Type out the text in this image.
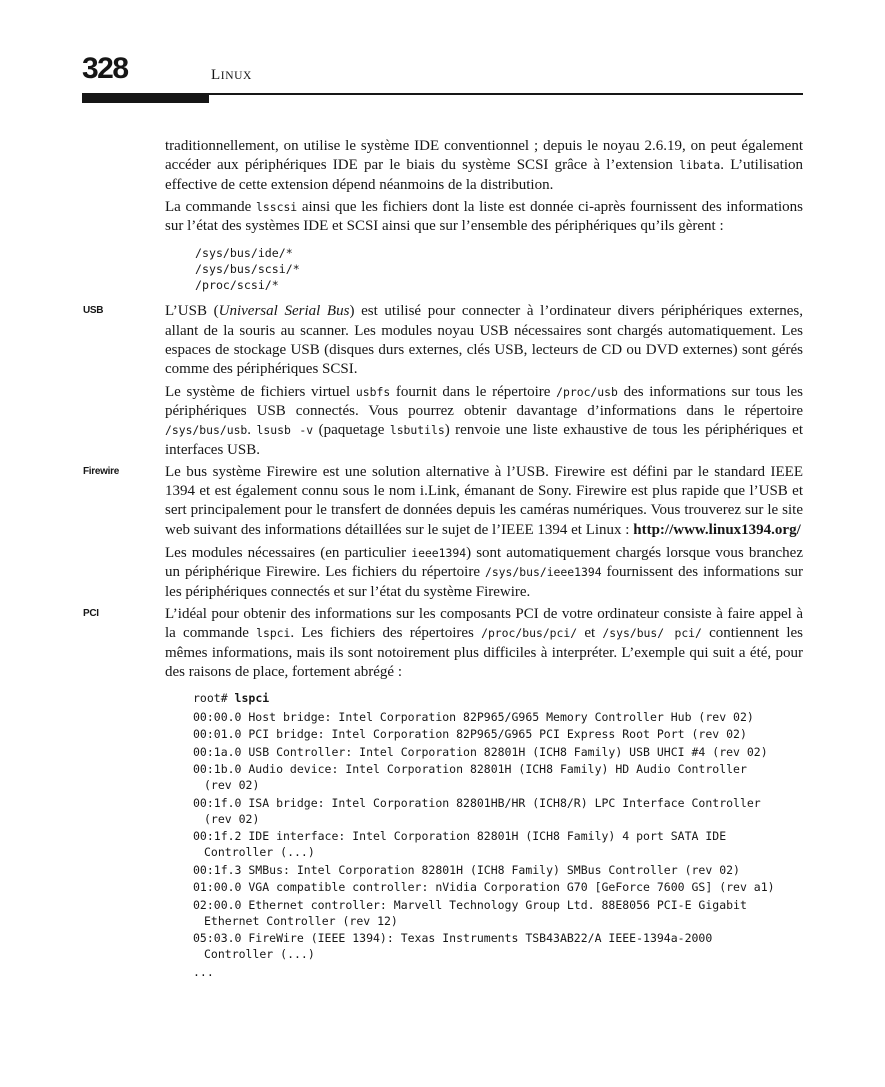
328	LINUX

traditionnellement, on utilise le système IDE conventionnel ; depuis le noyau 2.6.19, on peut également accéder aux périphériques IDE par le biais du système SCSI grâce à l’extension libata. L’utilisation effective de cette extension dépend néanmoins de la distribution.

La commande lsscsi ainsi que les fichiers dont la liste est donnée ci-après fournissent des informations sur l’état des systèmes IDE et SCSI ainsi que sur l’ensemble des périphériques qu’ils gèrent :

/sys/bus/ide/*
/sys/bus/scsi/*
/proc/scsi/*
USB	L’USB (Universal Serial Bus) est utilisé pour connecter à l’ordinateur divers périphériques externes, allant de la souris au scanner. Les modules noyau USB nécessaires sont chargés automatiquement. Les espaces de stockage USB (disques durs externes, clés USB, lecteurs de CD ou DVD externes) sont gérés comme des périphériques SCSI.

Le système de fichiers virtuel usbfs fournit dans le répertoire /proc/usb des informations sur tous les périphériques USB connectés. Vous pourrez obtenir davantage d’informations dans le répertoire /sys/bus/usb. lsusb -v (paquetage lsbutils) renvoie une liste exhaustive de tous les périphériques et interfaces USB.

Firewire	Le bus système Firewire est une solution alternative à l’USB. Firewire est défini par le standard IEEE 1394 et est également connu sous le nom i.Link, émanant de Sony. Firewire est plus rapide que l’USB et sert principalement pour le transfert de données depuis les caméras numériques. Vous trouverez sur le site web suivant des informations détaillées sur le sujet de l’IEEE 1394 et Linux : http://www.linux1394.org/

Les modules nécessaires (en particulier ieee1394) sont automatiquement chargés lorsque vous branchez un périphérique Firewire. Les fichiers du répertoire /sys/bus/ieee1394 fournissent des informations sur les périphériques connectés et sur l’état du système Firewire.

PCI	L’idéal pour obtenir des informations sur les composants PCI de votre ordinateur consiste à faire appel à la commande lspci. Les fichiers des répertoires /proc/bus/pci/ et /sys/bus/ pci/ contiennent les mêmes informations, mais ils sont notoirement plus difficiles à interpréter. L’exemple qui suit a été, pour des raisons de place, fortement abrégé :

root# lspci
00:00.0 Host bridge: Intel Corporation 82P965/G965 Memory Controller Hub (rev 02)
00:01.0 PCI bridge: Intel Corporation 82P965/G965 PCI Express Root Port (rev 02)
00:1a.0 USB Controller: Intel Corporation 82801H (ICH8 Family) USB UHCI #4 (rev 02)
00:1b.0 Audio device: Intel Corporation 82801H (ICH8 Family) HD Audio Controller
(rev 02)
00:1f.0 ISA bridge: Intel Corporation 82801HB/HR (ICH8/R) LPC Interface Controller
(rev 02)
00:1f.2 IDE interface: Intel Corporation 82801H (ICH8 Family) 4 port SATA IDE
Controller (...)
00:1f.3 SMBus: Intel Corporation 82801H (ICH8 Family) SMBus Controller (rev 02)
01:00.0 VGA compatible controller: nVidia Corporation G70 [GeForce 7600 GS] (rev a1)
02:00.0 Ethernet controller: Marvell Technology Group Ltd. 88E8056 PCI-E Gigabit
Ethernet Controller (rev 12)
05:03.0 FireWire (IEEE 1394): Texas Instruments TSB43AB22/A IEEE-1394a-2000
Controller (...)
...
